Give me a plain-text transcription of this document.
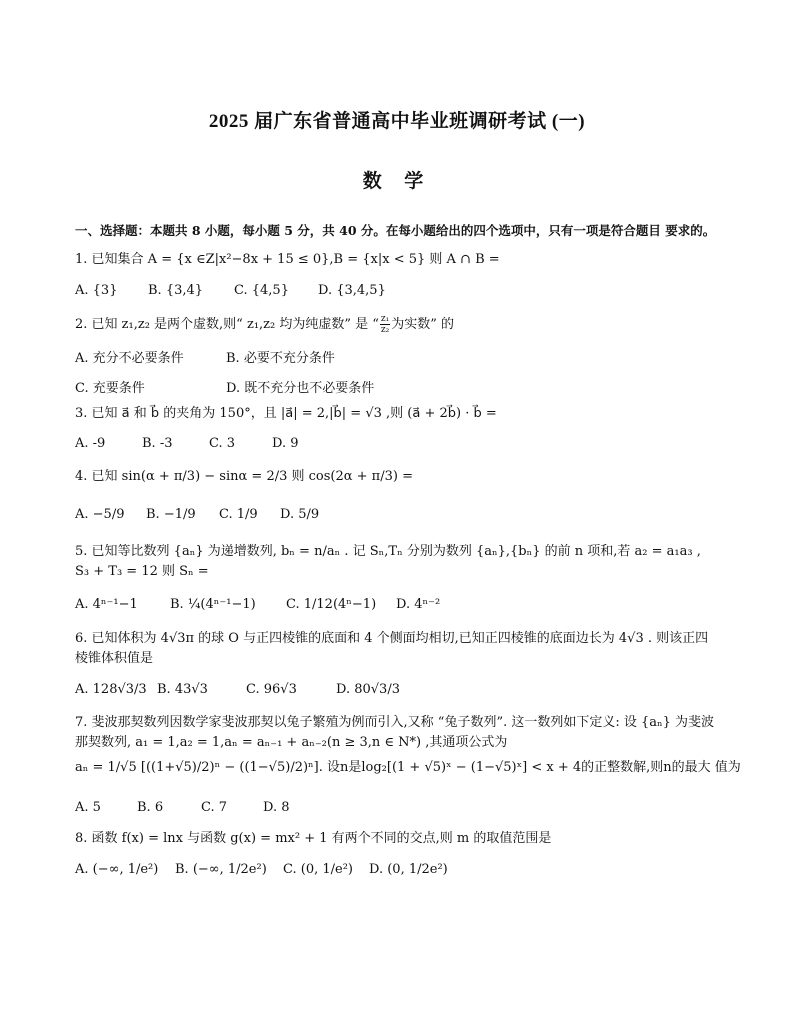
2025 届广东省普通高中毕业班调研考试 (一)
数 学
一、选择题：本题共 8 小题，每小题 5 分，共 40 分。在每小题给出的四个选项中，只有一项是符合题目 要求的。
1. 已知集合 A = {x ∈Z|x²−8x + 15 ≤ 0},B = {x|x < 5} 则 A ∩ B =
A. {3} B. {3,4} C. {4,5} D. {3,4,5}
2. 已知 z₁,z₂ 是两个虚数,则“ z₁,z₂ 均为纯虚数” 是 “ $\frac{\text{z₁}}{\text{z₂}}$ 为实数” 的
A. 充分不必要条件	B. 必要不充分条件
C. 充要条件	D. 既不充分也不必要条件
3. 已知 a⃗ 和 b⃗ 的夹角为 150°，且 |a⃗| = 2,|b⃗| = √3 ,则 (a⃗ + 2b⃗) · b⃗ =
A. -9	B. -3	C. 3	D. 9
4. 已知 sin(α + π/3) − sinα = 2/3 则 cos(2α + π/3) =
A. −5/9 B. −1/9 C. 1/9 D. 5/9
5. 已知等比数列 {aₙ} 为递增数列, bₙ = n/aₙ . 记 Sₙ,Tₙ 分别为数列 {aₙ},{bₙ} 的前 n 项和,若 a₂ = a₁a₃ , S₃ + T₃ = 12 则 Sₙ =
A. 4ⁿ⁻¹−1 B. ¼(4ⁿ⁻¹−1) C. 1/12(4ⁿ−1) D. 4ⁿ⁻²
6. 已知体积为 4√3π 的球 O 与正四棱锥的底面和 4 个侧面均相切,已知正四棱锥的底面边长为 4√3 . 则该正四棱锥体积值是
A. 128√3/3 B. 43√3	C. 96√3	D. 80√3/3
7. 斐波那契数列因数学家斐波那契以兔子繁殖为例而引入,又称 “兔子数列”. 这一数列如下定义: 设 {aₙ} 为斐波那契数列, a₁ = 1,a₂ = 1,aₙ = aₙ₋₁ + aₙ₋₂(n ≥ 3,n ∈ N*) ,其通项公式为
aₙ = 1/√5 [((1+√5)/2)ⁿ − ((1−√5)/2)ⁿ]. 设n是log₂[(1 + √5)ˣ − (1−√5)ˣ] < x + 4的正整数解,则n的最大 值为
A. 5	B. 6	C. 7	D. 8
8. 函数 f(x) = lnx 与函数 g(x) = mx² + 1 有两个不同的交点,则 m 的取值范围是
A. (−∞, 1/e²) B. (−∞, 1/2e²) C. (0, 1/e²) D. (0, 1/2e²)
